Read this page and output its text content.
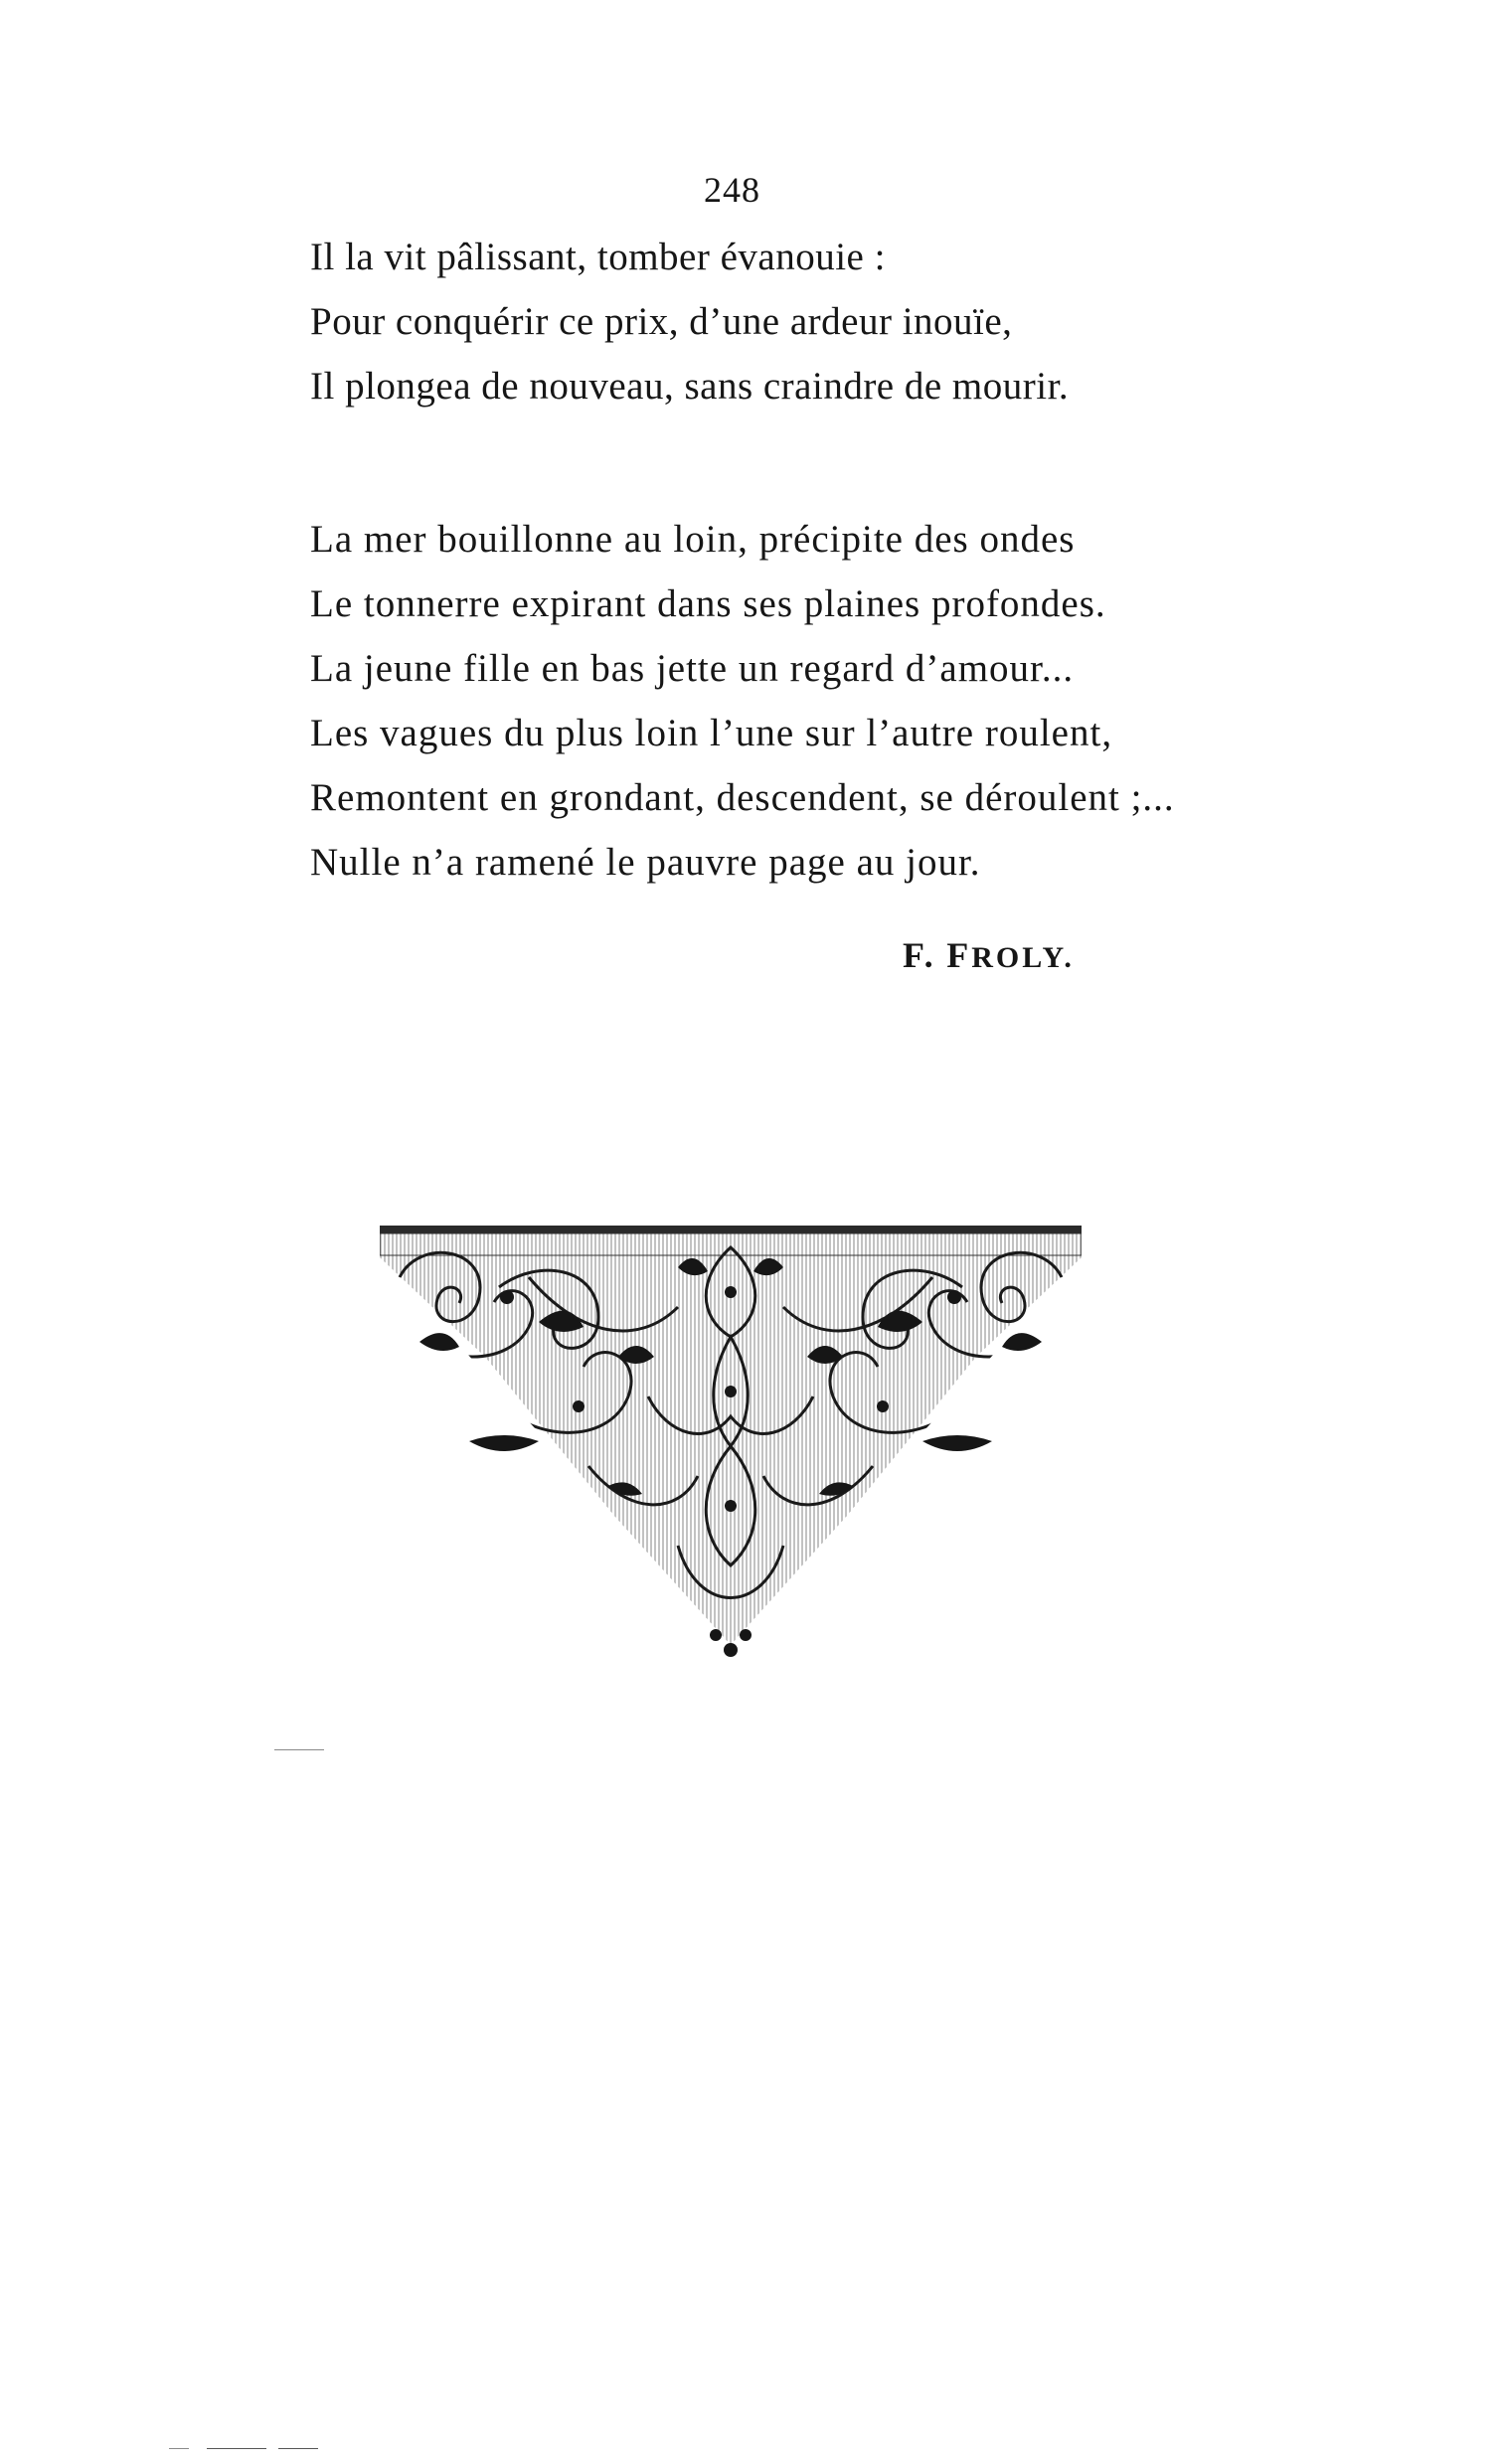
248
Il la vit pâlissant, tomber évanouie :
Pour conquérir ce prix, d’une ardeur inouïe,
Il plongea de nouveau, sans craindre de mourir.
La mer bouillonne au loin, précipite des ondes
Le tonnerre expirant dans ses plaines profondes.
La jeune fille en bas jette un regard d’amour...
Les vagues du plus loin l’une sur l’autre roulent,
Remontent en grondant, descendent, se déroulent ;...
Nulle n’a ramené le pauvre page au jour.
F. FROLY.
